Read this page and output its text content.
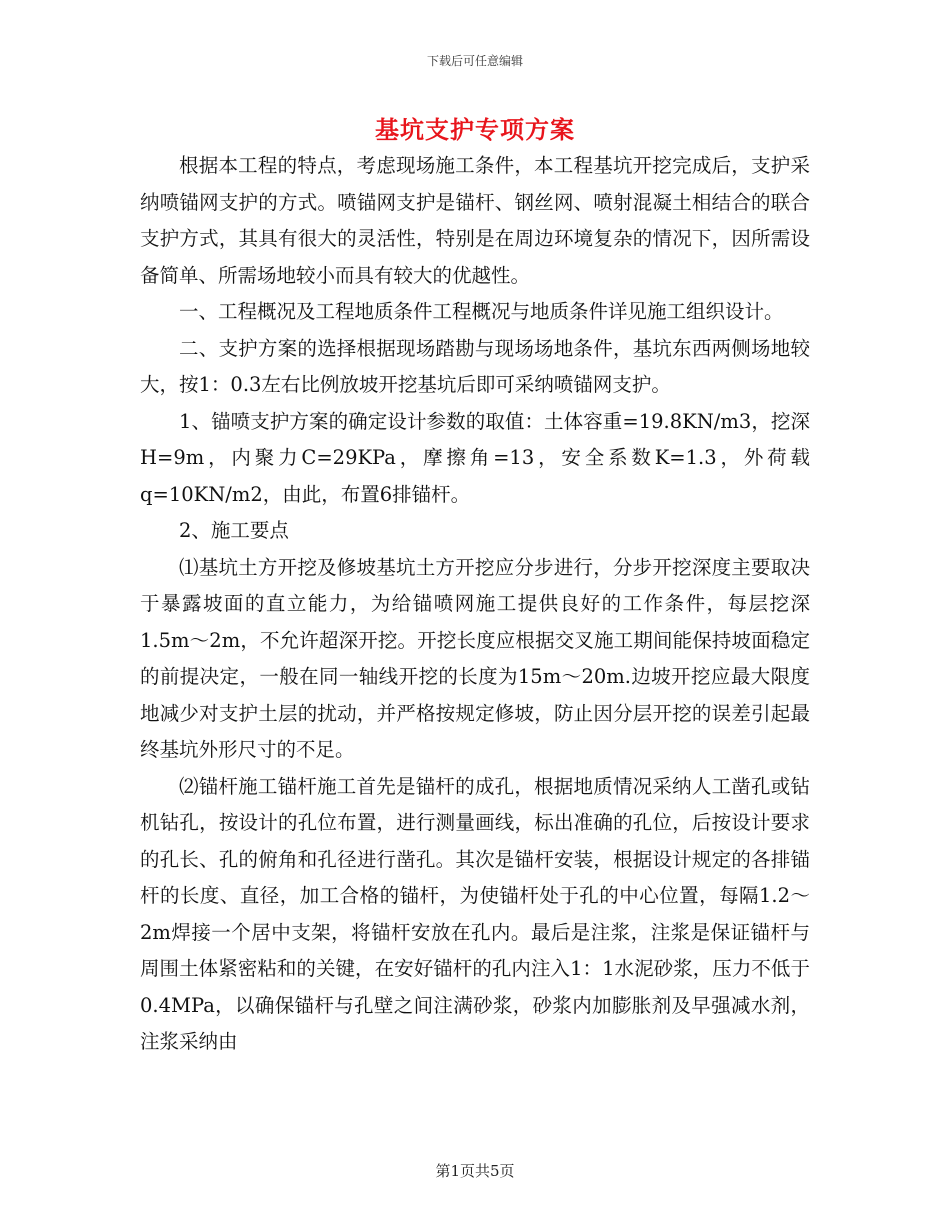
下载后可任意编辑
基坑支护专项方案

根据本工程的特点，考虑现场施工条件，本工程基坑开挖完成后，支护采纳喷锚网支护的方式。喷锚网支护是锚杆、钢丝网、喷射混凝土相结合的联合支护方式，其具有很大的灵活性，特别是在周边环境复杂的情况下，因所需设备简单、所需场地较小而具有较大的优越性。

一、工程概况及工程地质条件工程概况与地质条件详见施工组织设计。

二、支护方案的选择根据现场踏勘与现场场地条件，基坑东西两侧场地较大，按1：0.3左右比例放坡开挖基坑后即可采纳喷锚网支护。

1、锚喷支护方案的确定设计参数的取值：土体容重=19.8KN/m3，挖深H=9m，内聚力C=29KPa，摩擦角=13，安全系数K=1.3，外荷载q=10KN/m2，由此，布置6排锚杆。

2、施工要点

⑴基坑土方开挖及修坡基坑土方开挖应分步进行，分步开挖深度主要取决于暴露坡面的直立能力，为给锚喷网施工提供良好的工作条件，每层挖深1.5m～2m，不允许超深开挖。开挖长度应根据交叉施工期间能保持坡面稳定的前提决定，一般在同一轴线开挖的长度为15m～20m.边坡开挖应最大限度地减少对支护土层的扰动，并严格按规定修坡，防止因分层开挖的误差引起最终基坑外形尺寸的不足。

⑵锚杆施工锚杆施工首先是锚杆的成孔，根据地质情况采纳人工凿孔或钻机钻孔，按设计的孔位布置，进行测量画线，标出准确的孔位，后按设计要求的孔长、孔的俯角和孔径进行凿孔。其次是锚杆安装，根据设计规定的各排锚杆的长度、直径，加工合格的锚杆，为使锚杆处于孔的中心位置，每隔1.2～2m焊接一个居中支架，将锚杆安放在孔内。最后是注浆，注浆是保证锚杆与周围土体紧密粘和的关键，在安好锚杆的孔内注入1：1水泥砂浆，压力不低于0.4MPa，以确保锚杆与孔壁之间注满砂浆，砂浆内加膨胀剂及早强减水剂，注浆采纳由

第1页共5页
